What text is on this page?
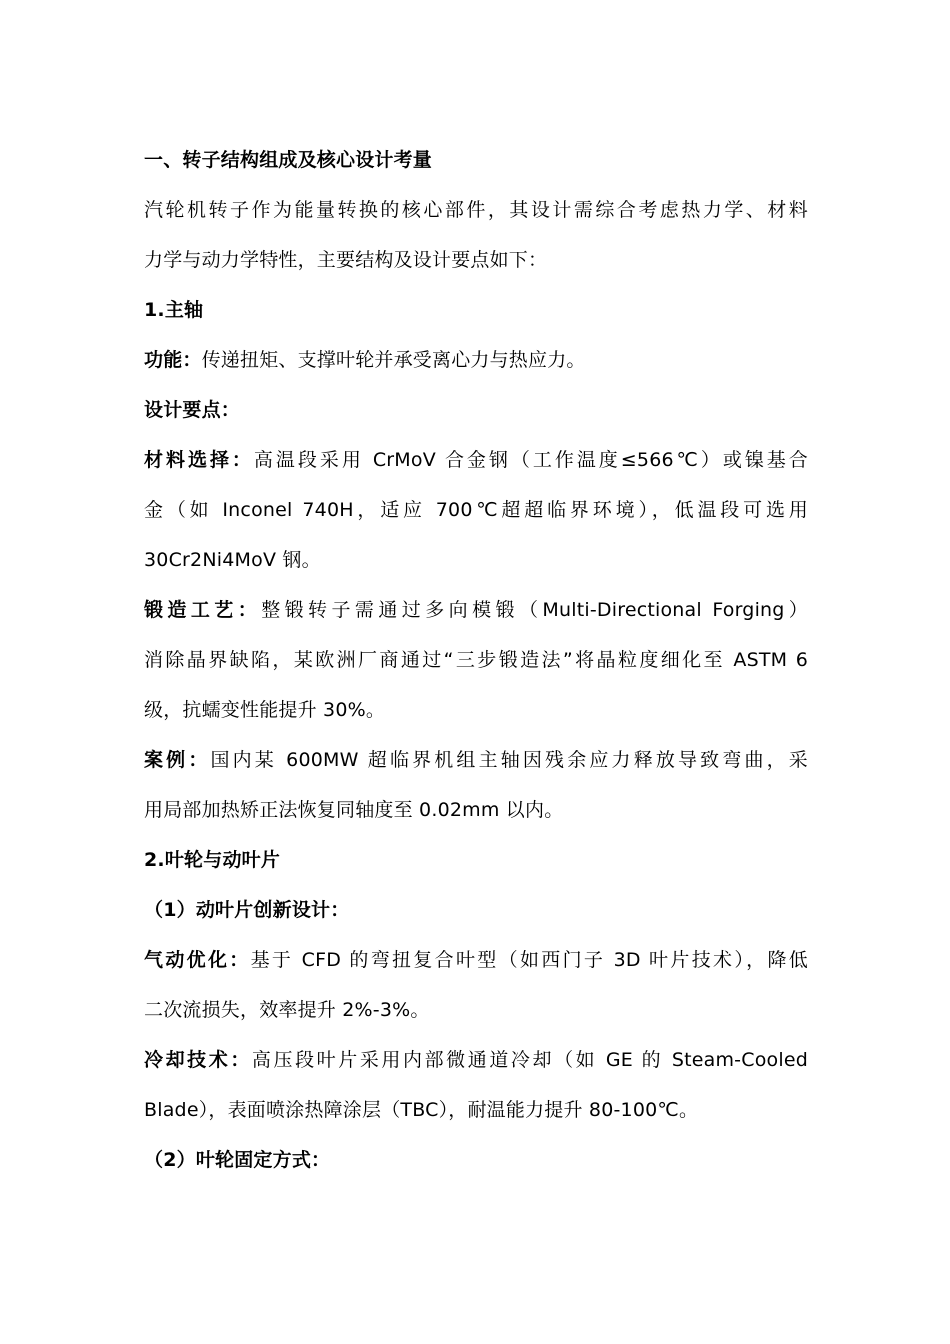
一、转子结构组成及核心设计考量
汽轮机转子作为能量转换的核心部件，其设计需综合考虑热力学、材料
力学与动力学特性，主要结构及设计要点如下：
1.主轴
功能：传递扭矩、支撑叶轮并承受离心力与热应力。
设计要点：
材料选择：高温段采用 CrMoV 合金钢（工作温度≤566℃）或镍基合
金（如 Inconel 740H，适应 700℃超超临界环境），低温段可选用
30Cr2Ni4MoV 钢。
锻造工艺：整锻转子需通过多向模锻（Multi-Directional Forging）
消除晶界缺陷，某欧洲厂商通过“三步锻造法”将晶粒度细化至 ASTM 6
级，抗蠕变性能提升 30%。
案例：国内某 600MW 超临界机组主轴因残余应力释放导致弯曲，采
用局部加热矫正法恢复同轴度至 0.02mm 以内。
2.叶轮与动叶片
（1）动叶片创新设计：
气动优化：基于 CFD 的弯扭复合叶型（如西门子 3D 叶片技术），降低
二次流损失，效率提升 2%-3%。
冷却技术：高压段叶片采用内部微通道冷却（如 GE 的 Steam-Cooled
Blade），表面喷涂热障涂层（TBC），耐温能力提升 80-100℃。
（2）叶轮固定方式：
